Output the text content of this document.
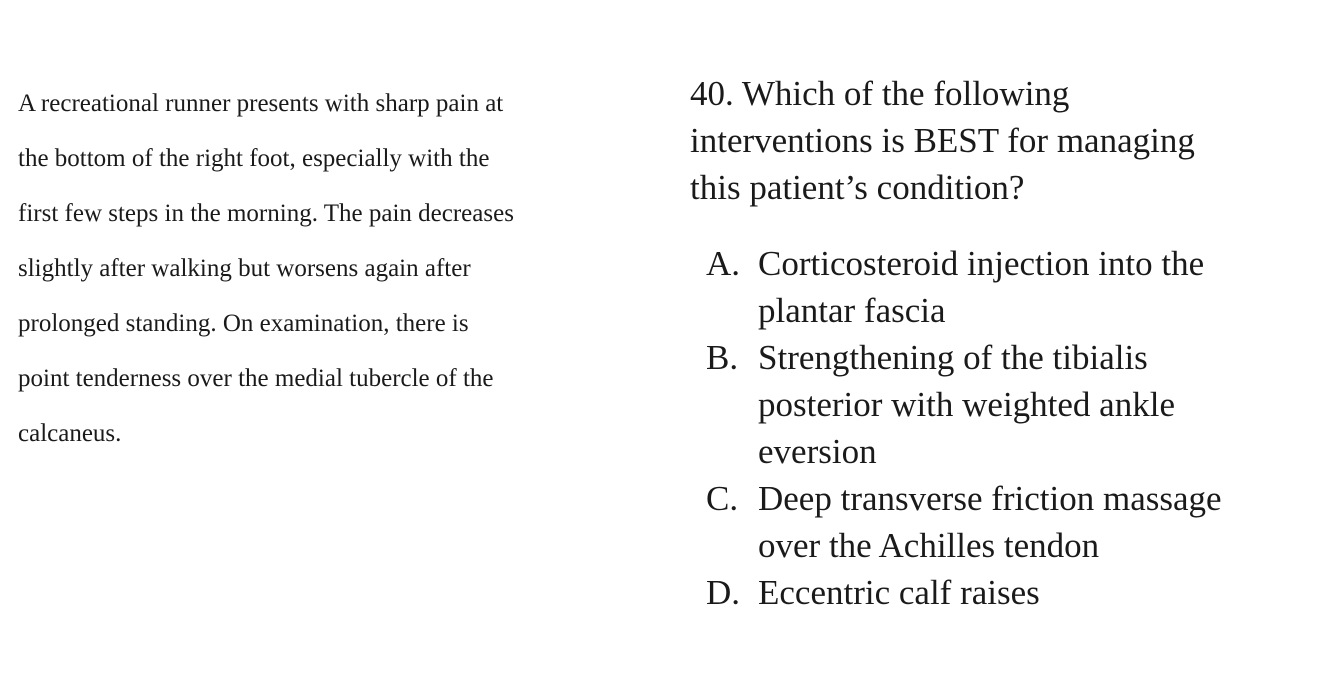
A recreational runner presents with sharp pain at
the bottom of the right foot, especially with the
first few steps in the morning. The pain decreases
slightly after walking but worsens again after
prolonged standing. On examination, there is
point tenderness over the medial tubercle of the
calcaneus.
40. Which of the following
interventions is BEST for managing
this patient’s condition?
A. Corticosteroid injection into the
plantar fascia
B. Strengthening of the tibialis
posterior with weighted ankle
eversion
C. Deep transverse friction massage
over the Achilles tendon
D. Eccentric calf raises
